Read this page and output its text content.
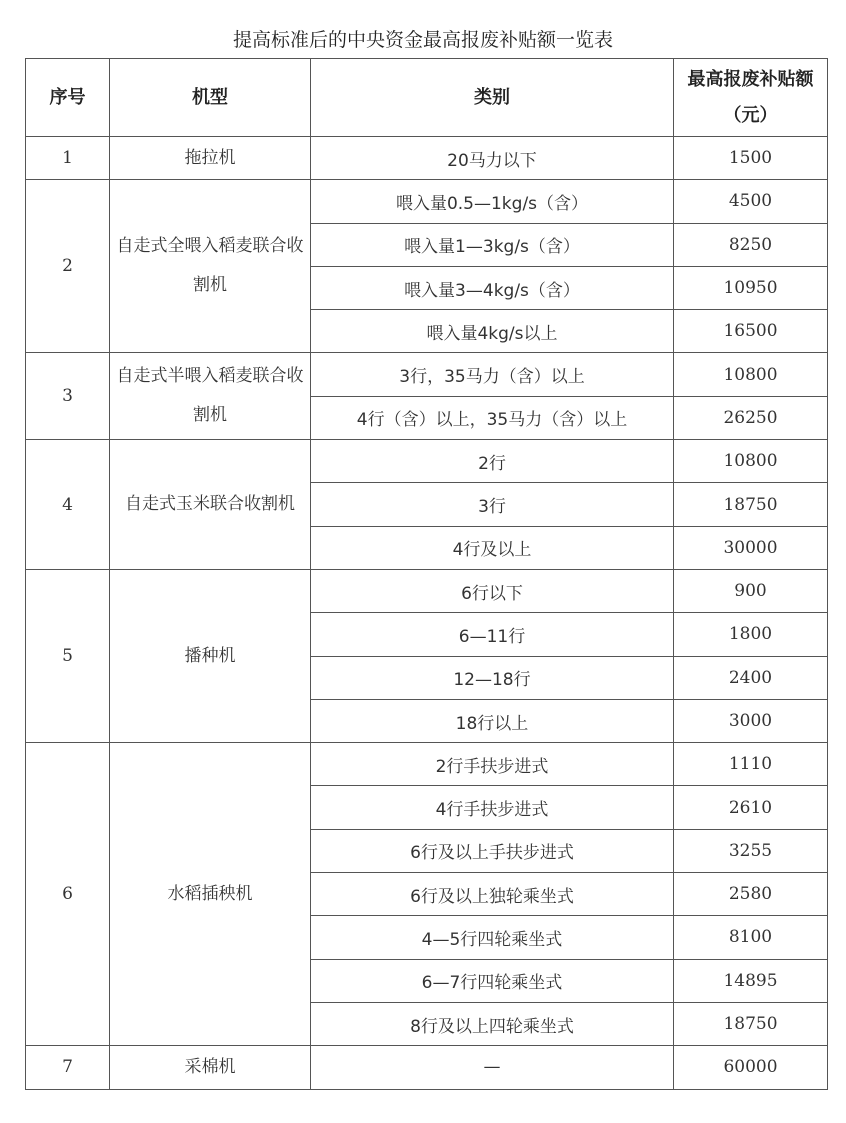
提高标准后的中央资金最高报废补贴额一览表
序号	机型	类别	最高报废补贴额（元）
1	拖拉机	20马力以下	1500
2	自走式全喂入稻麦联合收割机	喂入量0.5—1kg/s（含）	4500
		喂入量1—3kg/s（含）	8250
		喂入量3—4kg/s（含）	10950
		喂入量4kg/s以上	16500
3	自走式半喂入稻麦联合收割机	3行，35马力（含）以上	10800
		4行（含）以上，35马力（含）以上	26250
4	自走式玉米联合收割机	2行	10800
		3行	18750
		4行及以上	30000
5	播种机	6行以下	900
		6—11行	1800
		12—18行	2400
		18行以上	3000
6	水稻插秧机	2行手扶步进式	1110
		4行手扶步进式	2610
		6行及以上手扶步进式	3255
		6行及以上独轮乘坐式	2580
		4—5行四轮乘坐式	8100
		6—7行四轮乘坐式	14895
		8行及以上四轮乘坐式	18750
7	采棉机	—	60000
